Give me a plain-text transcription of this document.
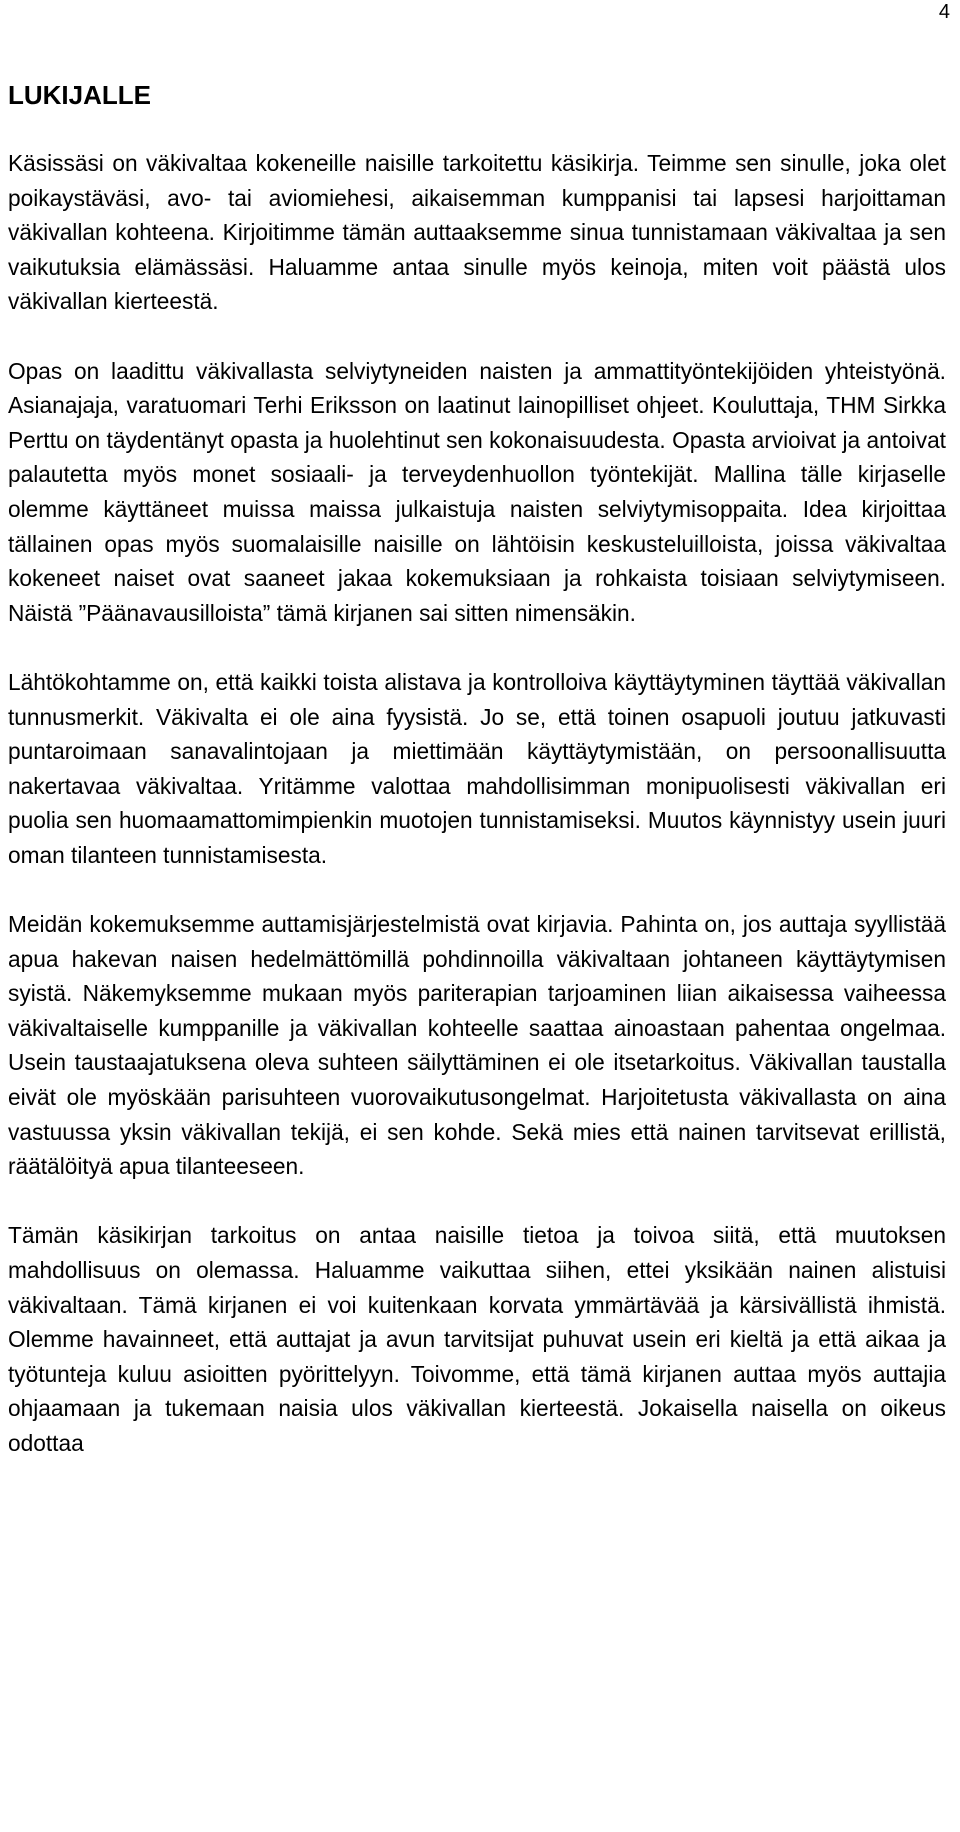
4
LUKIJALLE

Käsissäsi on väkivaltaa kokeneille naisille tarkoitettu käsikirja. Teimme sen sinulle, joka olet poikaystäväsi, avo- tai aviomiehesi, aikaisemman kumppanisi tai lapsesi harjoittaman väkivallan kohteena. Kirjoitimme tämän auttaaksemme sinua tunnistamaan väkivaltaa ja sen vaikutuksia elämässäsi. Haluamme antaa sinulle myös keinoja, miten voit päästä ulos väkivallan kierteestä.

Opas on laadittu väkivallasta selviytyneiden naisten ja ammattityöntekijöiden yhteistyönä. Asianajaja, varatuomari Terhi Eriksson on laatinut lainopilliset ohjeet. Kouluttaja, THM Sirkka Perttu on täydentänyt opasta ja huolehtinut sen kokonaisuudesta. Opasta arvioivat ja antoivat palautetta myös monet sosiaali- ja terveydenhuollon työntekijät. Mallina tälle kirjaselle olemme käyttäneet muissa maissa julkaistuja naisten selviytymisoppaita. Idea kirjoittaa tällainen opas myös suomalaisille naisille on lähtöisin keskusteluilloista, joissa väkivaltaa kokeneet naiset ovat saaneet jakaa kokemuksiaan ja rohkaista toisiaan selviytymiseen. Näistä ”Päänavausilloista” tämä kirjanen sai sitten nimensäkin.

Lähtökohtamme on, että kaikki toista alistava ja kontrolloiva käyttäytyminen täyttää väkivallan tunnusmerkit. Väkivalta ei ole aina fyysistä. Jo se, että toinen osapuoli joutuu jatkuvasti puntaroimaan sanavalintojaan ja miettimään käyttäytymistään, on persoonallisuutta nakertavaa väkivaltaa. Yritämme valottaa mahdollisimman monipuolisesti väkivallan eri puolia sen huomaamattomimpienkin muotojen tunnistamiseksi. Muutos käynnistyy usein juuri oman tilanteen tunnistamisesta.

Meidän kokemuksemme auttamisjärjestelmistä ovat kirjavia. Pahinta on, jos auttaja syyllistää apua hakevan naisen hedelmättömillä pohdinnoilla väkivaltaan johtaneen käyttäytymisen syistä. Näkemyksemme mukaan myös pariterapian tarjoaminen liian aikaisessa vaiheessa väkivaltaiselle kumppanille ja väkivallan kohteelle saattaa ainoastaan pahentaa ongelmaa. Usein taustaajatuksena oleva suhteen säilyttäminen ei ole itsetarkoitus. Väkivallan taustalla eivät ole myöskään parisuhteen vuorovaikutusongelmat. Harjoitetusta väkivallasta on aina vastuussa yksin väkivallan tekijä, ei sen kohde. Sekä mies että nainen tarvitsevat erillistä, räätälöityä apua tilanteeseen.

Tämän käsikirjan tarkoitus on antaa naisille tietoa ja toivoa siitä, että muutoksen mahdollisuus on olemassa. Haluamme vaikuttaa siihen, ettei yksikään nainen alistuisi väkivaltaan. Tämä kirjanen ei voi kuitenkaan korvata ymmärtävää ja kärsivällistä ihmistä. Olemme havainneet, että auttajat ja avun tarvitsijat puhuvat usein eri kieltä ja että aikaa ja työtunteja kuluu asioitten pyörittelyyn. Toivomme, että tämä kirjanen auttaa myös auttajia ohjaamaan ja tukemaan naisia ulos väkivallan kierteestä. Jokaisella naisella on oikeus odottaa
